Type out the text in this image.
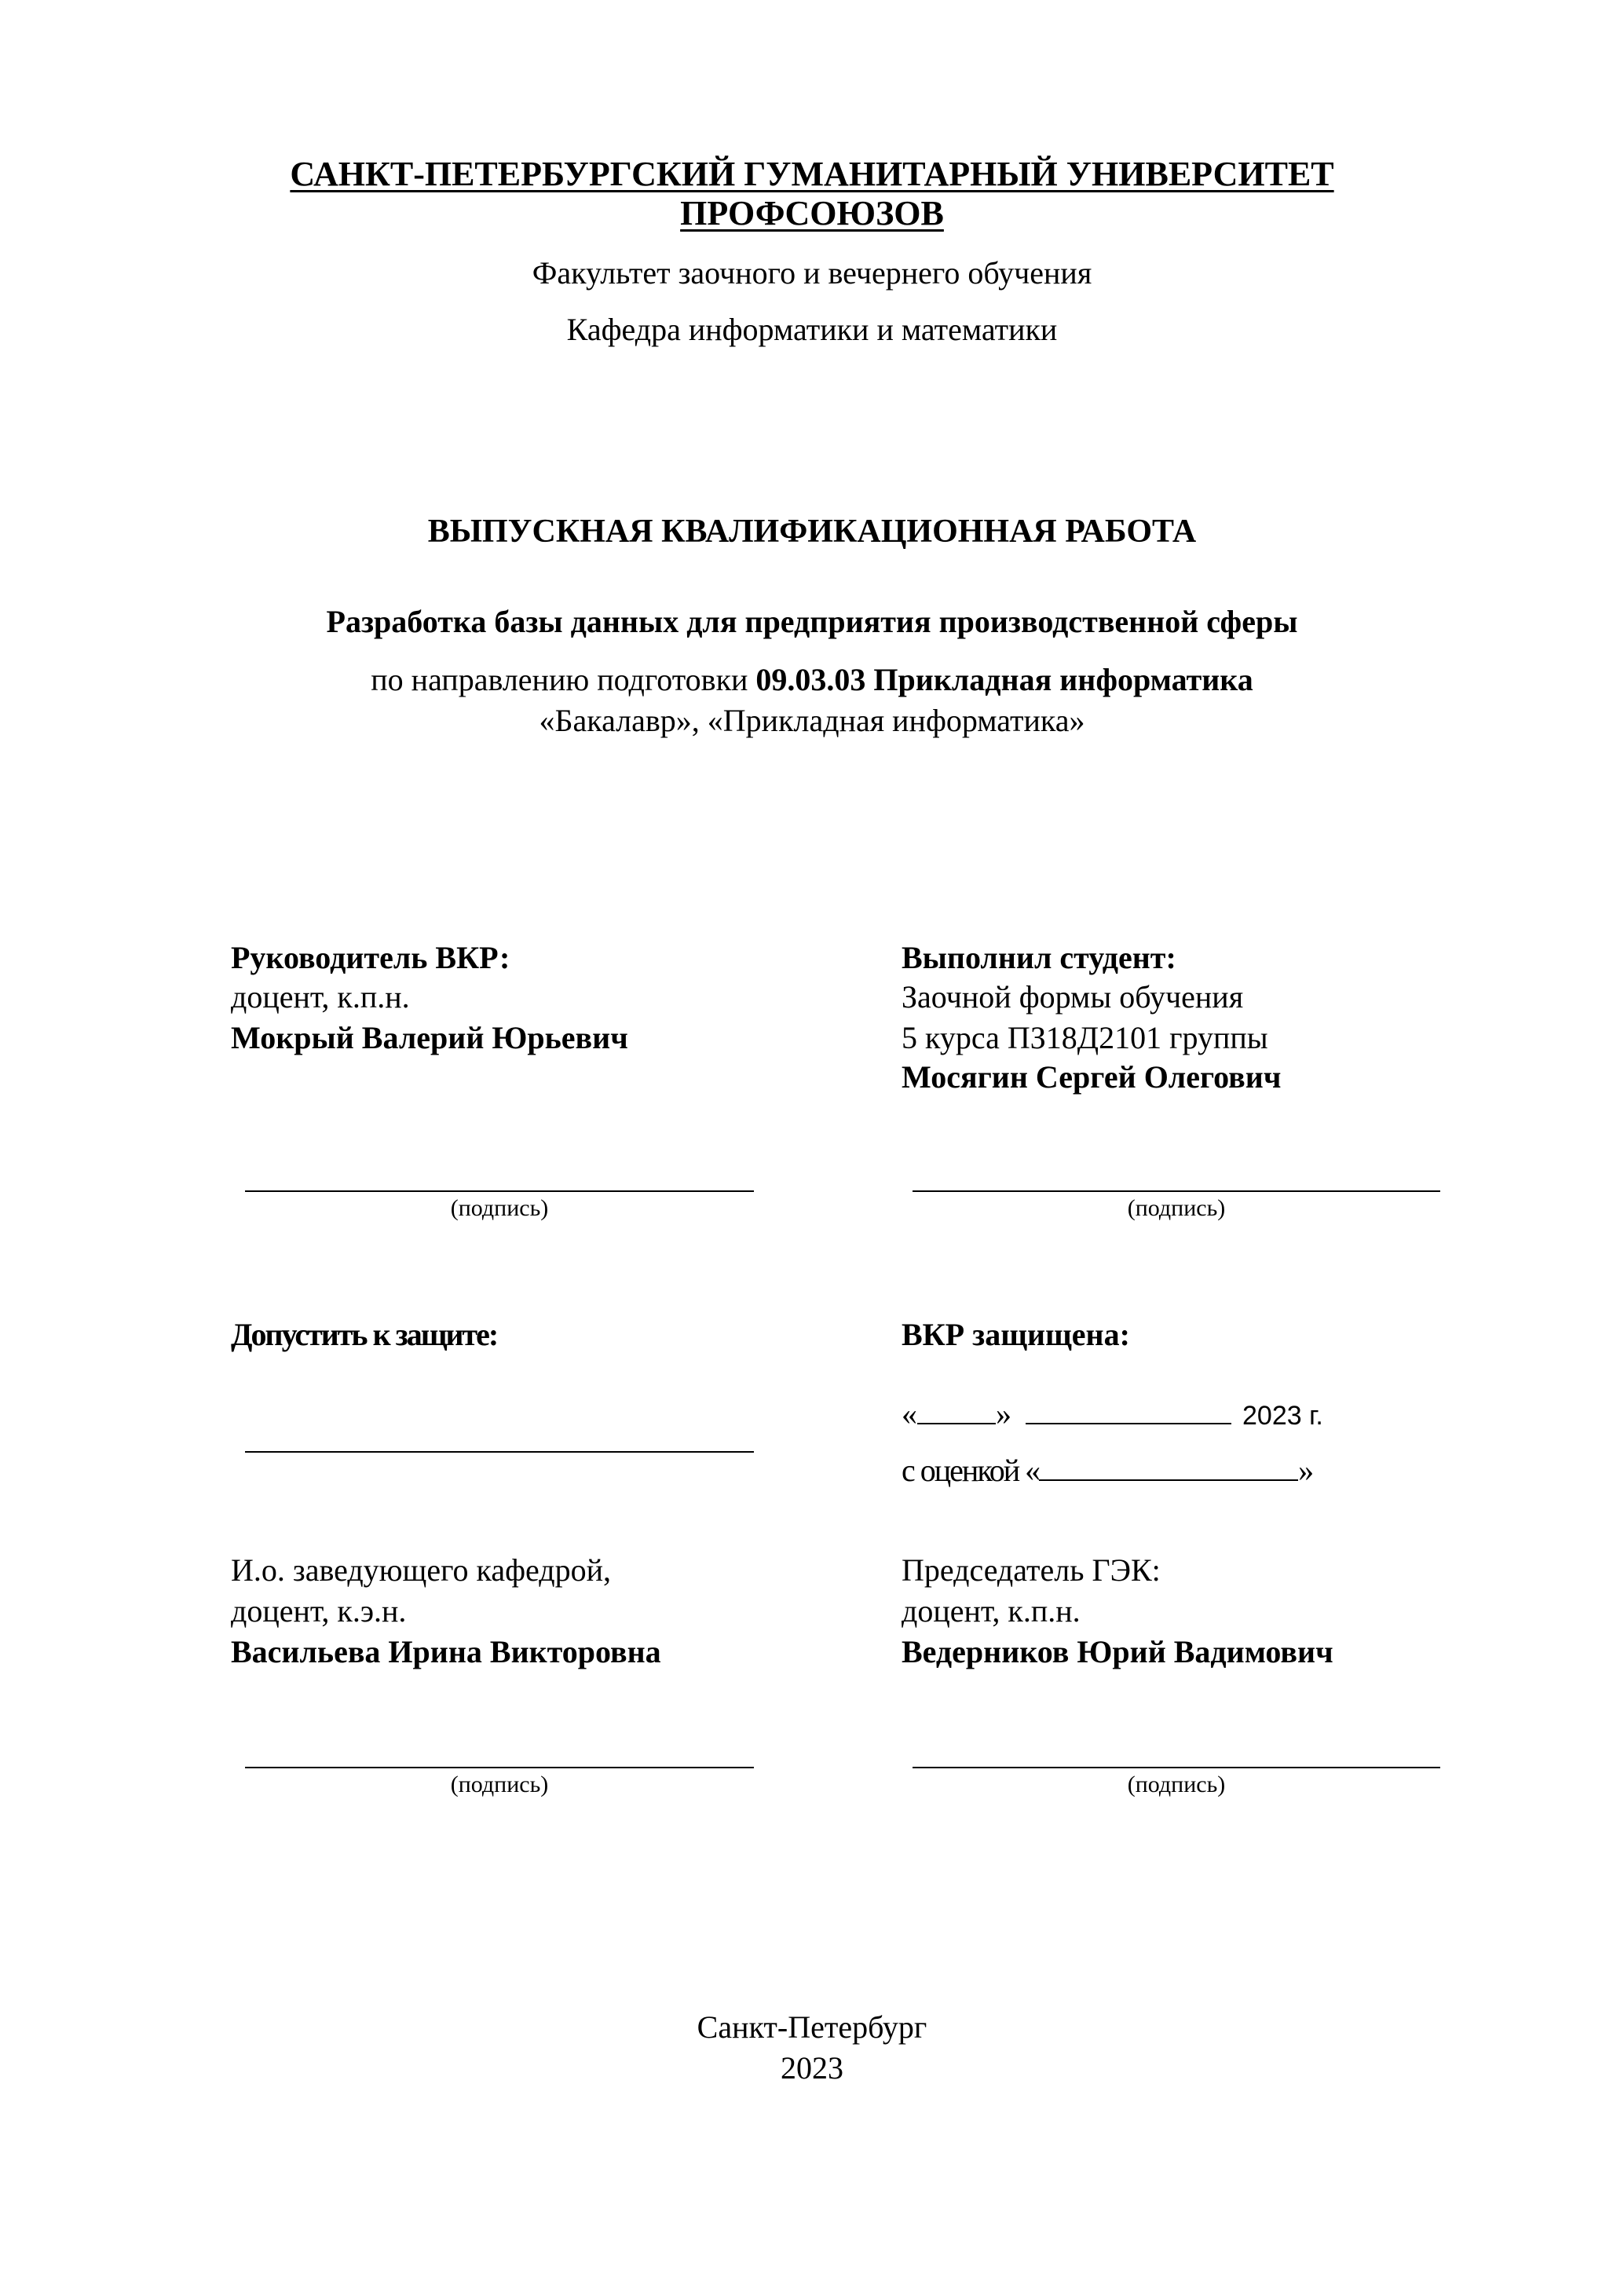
САНКТ-ПЕТЕРБУРГСКИЙ ГУМАНИТАРНЫЙ УНИВЕРСИТЕТ
ПРОФСОЮЗОВ
Факультет заочного и вечернего обучения
Кафедра информатики и математики
ВЫПУСКНАЯ КВАЛИФИКАЦИОННАЯ РАБОТА
Разработка базы данных для предприятия производственной сферы
по направлению подготовки 09.03.03 Прикладная информатика
«Бакалавр», «Прикладная информатика»
Руководитель ВКР:
доцент, к.п.н.
Мокрый Валерий Юрьевич
(подпись)
Выполнил студент:
Заочной формы обучения
5 курса ПЗ18Д2101 группы
Мосягин Сергей Олегович
(подпись)
Допустить к защите:	ВКР защищена:
«	»	2023 г.
с оценкой «	»
И.о. заведующего кафедрой,
доцент, к.э.н.
Васильева Ирина Викторовна
(подпись)
Председатель ГЭК:
доцент, к.п.н.
Ведерников Юрий Вадимович
(подпись)
Санкт-Петербург
2023
